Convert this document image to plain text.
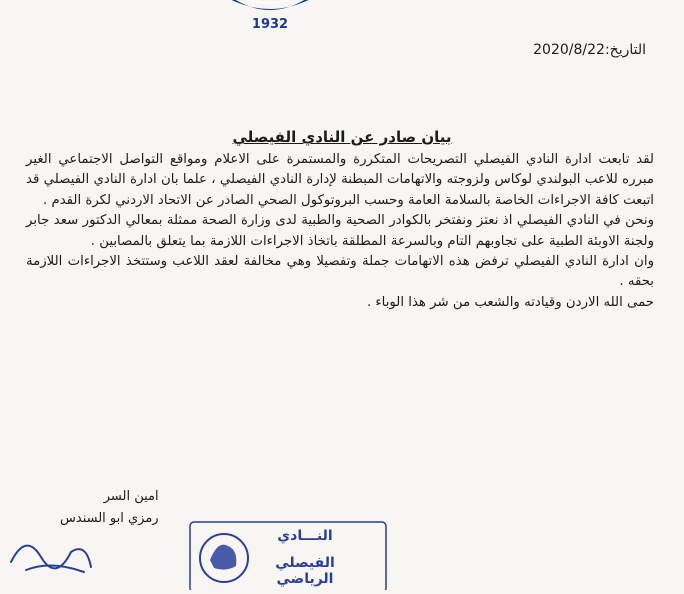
1932
التاريخ:2020/8/22
بيان صادر عن النادي الفيصلي

لقد تابعت ادارة النادي الفيصلي التصريحات المتكررة والمستمرة على الاعلام ومواقع التواصل الاجتماعي الغير مبرره للاعب البولندي لوكاس ولزوجته والاتهامات المبطنة لإدارة النادي الفيصلي ، علما بان ادارة النادي الفيصلي قد اتبعت كافة الاجراءات الخاصة بالسلامة العامة وحسب البروتوكول الصحي الصادر عن الاتحاد الاردني لكرة القدم .

ونحن في النادي الفيصلي اذ نعتز ونفتخر بالكوادر الصحية والطبية لدى وزارة الصحة ممثلة بمعالي الدكتور سعد جابر ولجنة الاوبئة الطبية على تجاوبهم التام وبالسرعة المطلقة باتخاذ الاجراءات اللازمة بما يتعلق بالمصابين .

وان ادارة النادي الفيصلي ترفض هذه الاتهامات جملة وتفصيلا وهي مخالفة لعقد اللاعب وستتخذ الاجراءات اللازمة بحقه .

حمى الله الاردن وقيادته والشعب من شر هذا الوباء .

امين السر
رمزي ابو السندس
النـــادي
الفيصلي الرياضي
